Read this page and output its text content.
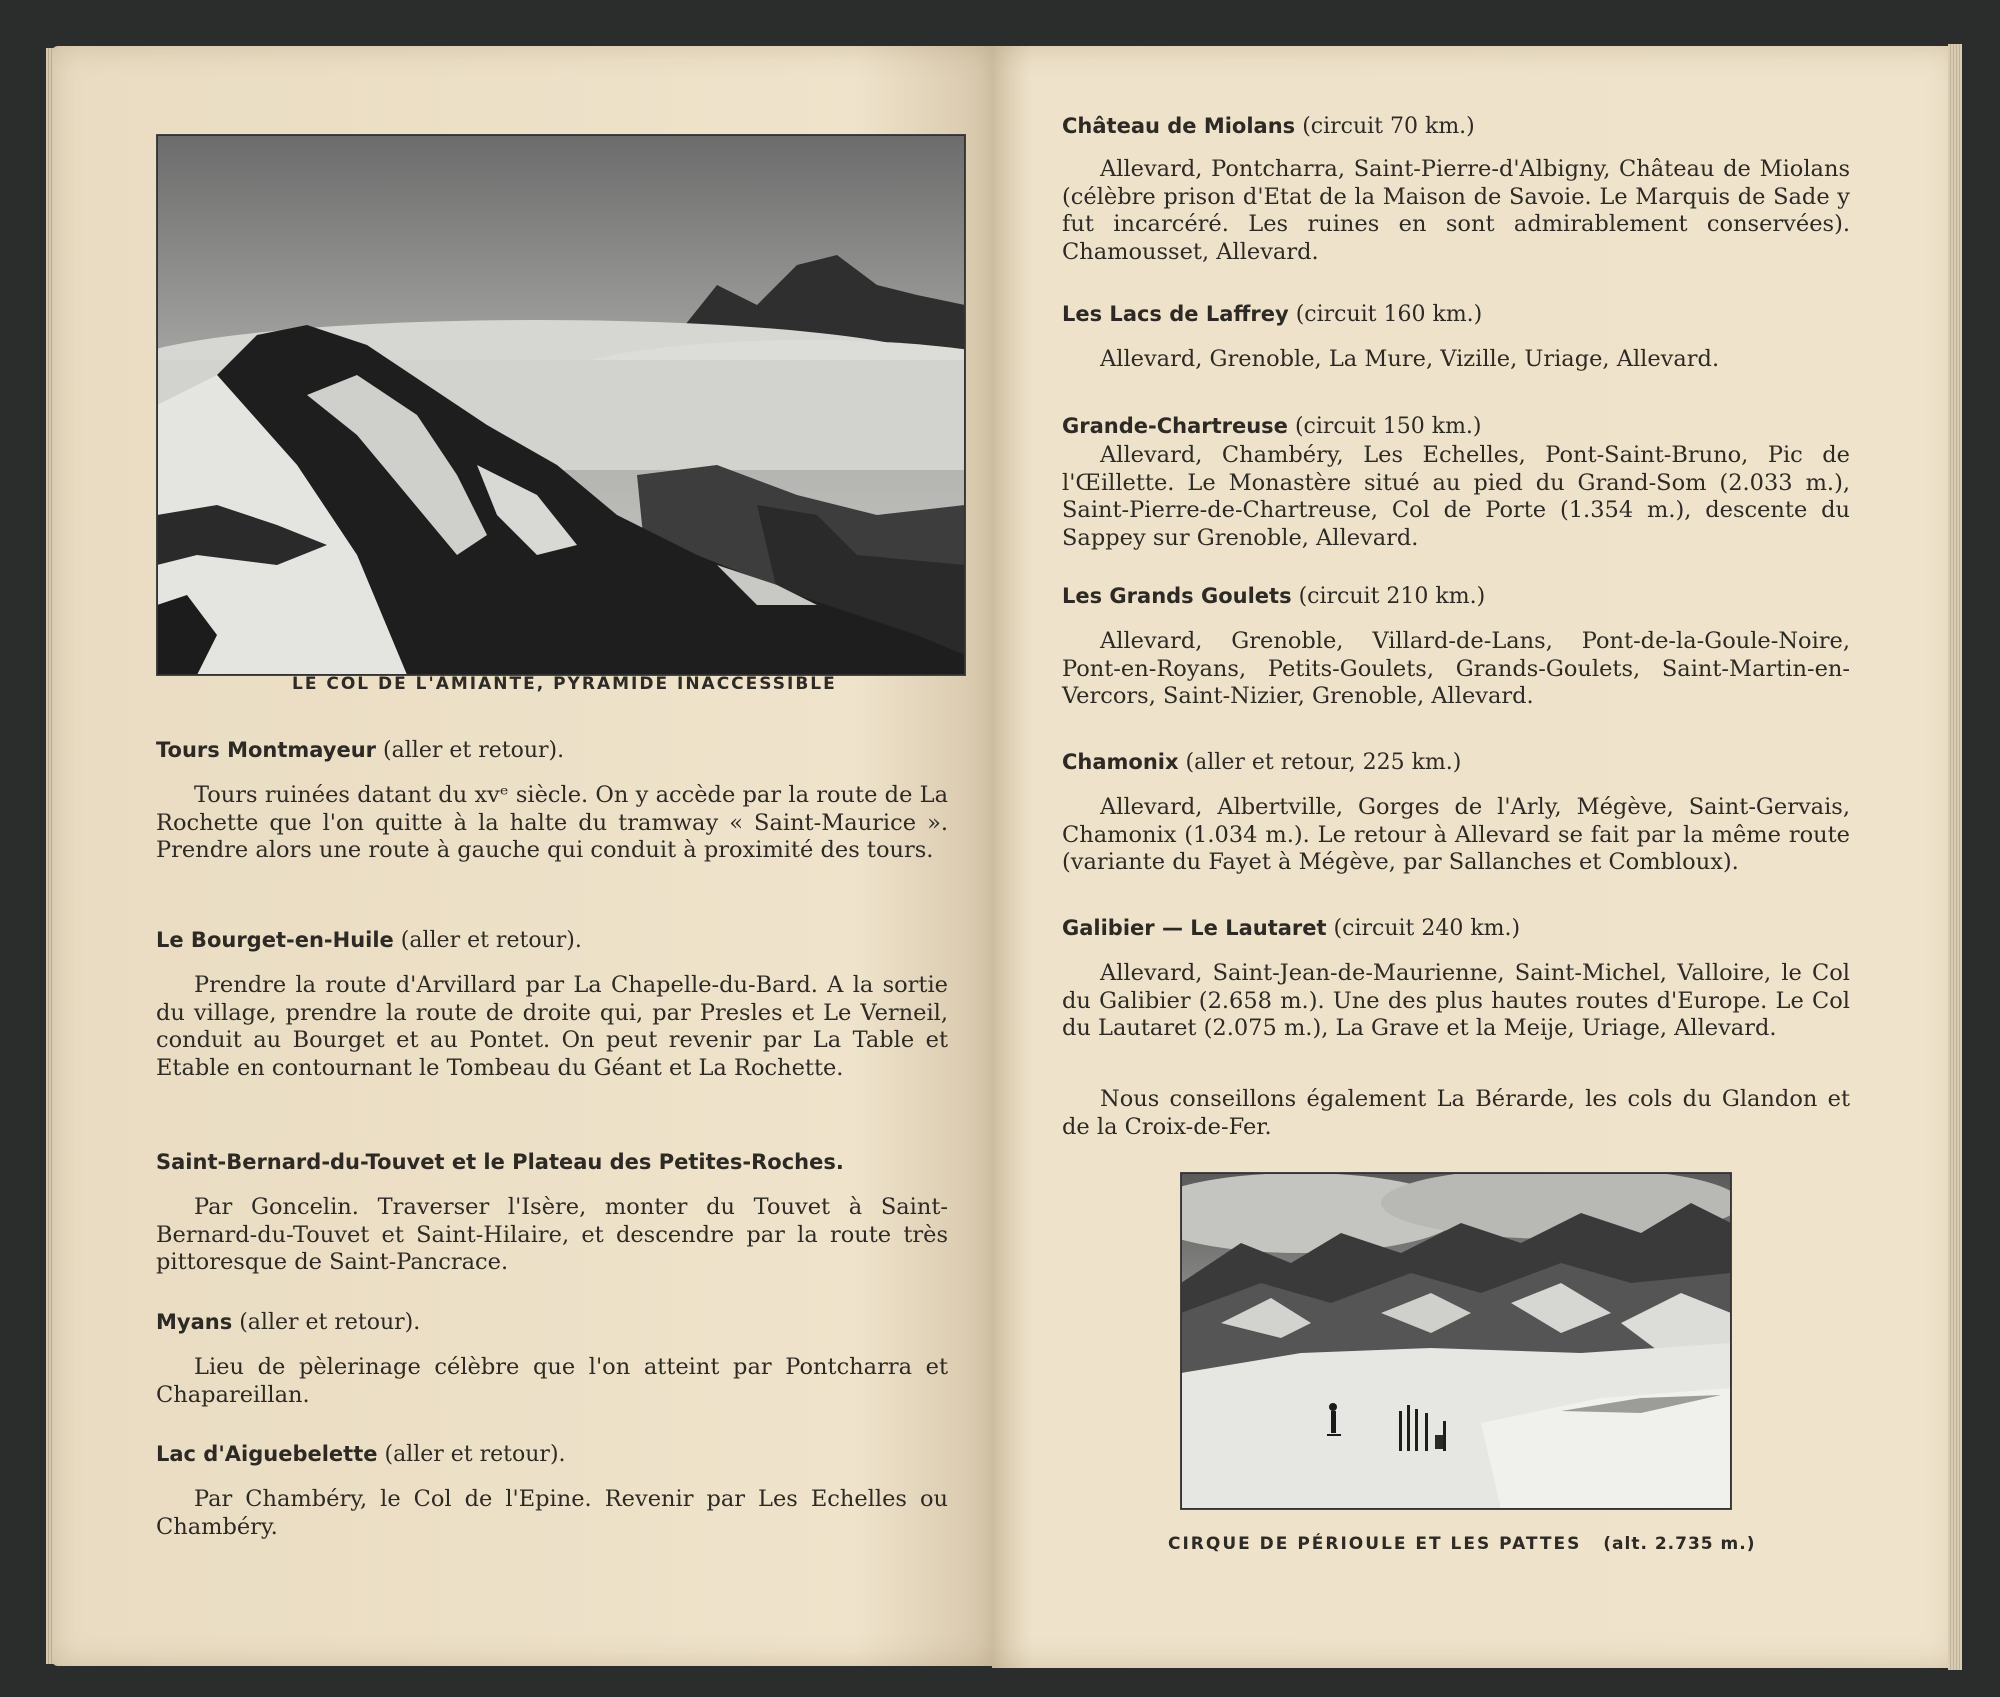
LE COL DE L'AMIANTE, PYRAMIDE INACCESSIBLE
Tours Montmayeur (aller et retour).

Tours ruinées datant du xvᵉ siècle. On y accède par la route de La Rochette que l'on quitte à la halte du tramway « Saint-Maurice ». Prendre alors une route à gauche qui conduit à proximité des tours.

Le Bourget-en-Huile (aller et retour).

Prendre la route d'Arvillard par La Chapelle-du-Bard. A la sortie du village, prendre la route de droite qui, par Presles et Le Verneil, conduit au Bourget et au Pontet. On peut revenir par La Table et Etable en contournant le Tombeau du Géant et La Rochette.

Saint-Bernard-du-Touvet et le Plateau des Petites-Roches.

Par Goncelin. Traverser l'Isère, monter du Touvet à Saint-Bernard-du-Touvet et Saint-Hilaire, et descendre par la route très pittoresque de Saint-Pancrace.

Myans (aller et retour).

Lieu de pèlerinage célèbre que l'on atteint par Pontcharra et Chapareillan.

Lac d'Aiguebelette (aller et retour).

Par Chambéry, le Col de l'Epine. Revenir par Les Echelles ou Chambéry.

Château de Miolans (circuit 70 km.)

Allevard, Pontcharra, Saint-Pierre-d'Albigny, Château de Miolans (célèbre prison d'Etat de la Maison de Savoie. Le Marquis de Sade y fut incarcéré. Les ruines en sont admirablement conservées). Chamousset, Allevard.

Les Lacs de Laffrey (circuit 160 km.)

Allevard, Grenoble, La Mure, Vizille, Uriage, Allevard.

Grande-Chartreuse (circuit 150 km.)

Allevard, Chambéry, Les Echelles, Pont-Saint-Bruno, Pic de l'Œillette. Le Monastère situé au pied du Grand-Som (2.033 m.), Saint-Pierre-de-Chartreuse, Col de Porte (1.354 m.), descente du Sappey sur Grenoble, Allevard.

Les Grands Goulets (circuit 210 km.)

Allevard, Grenoble, Villard-de-Lans, Pont-de-la-Goule-Noire, Pont-en-Royans, Petits-Goulets, Grands-Goulets, Saint-Martin-en-Vercors, Saint-Nizier, Grenoble, Allevard.

Chamonix (aller et retour, 225 km.)

Allevard, Albertville, Gorges de l'Arly, Mégève, Saint-Gervais, Chamonix (1.034 m.). Le retour à Allevard se fait par la même route (variante du Fayet à Mégève, par Sallanches et Combloux).

Galibier — Le Lautaret (circuit 240 km.)

Allevard, Saint-Jean-de-Maurienne, Saint-Michel, Valloire, le Col du Galibier (2.658 m.). Une des plus hautes routes d'Europe. Le Col du Lautaret (2.075 m.), La Grave et la Meije, Uriage, Allevard.

Nous conseillons également La Bérarde, les cols du Glandon et de la Croix-de-Fer.

CIRQUE DE PÉRIOULE ET LES PATTES (alt. 2.735 m.)
